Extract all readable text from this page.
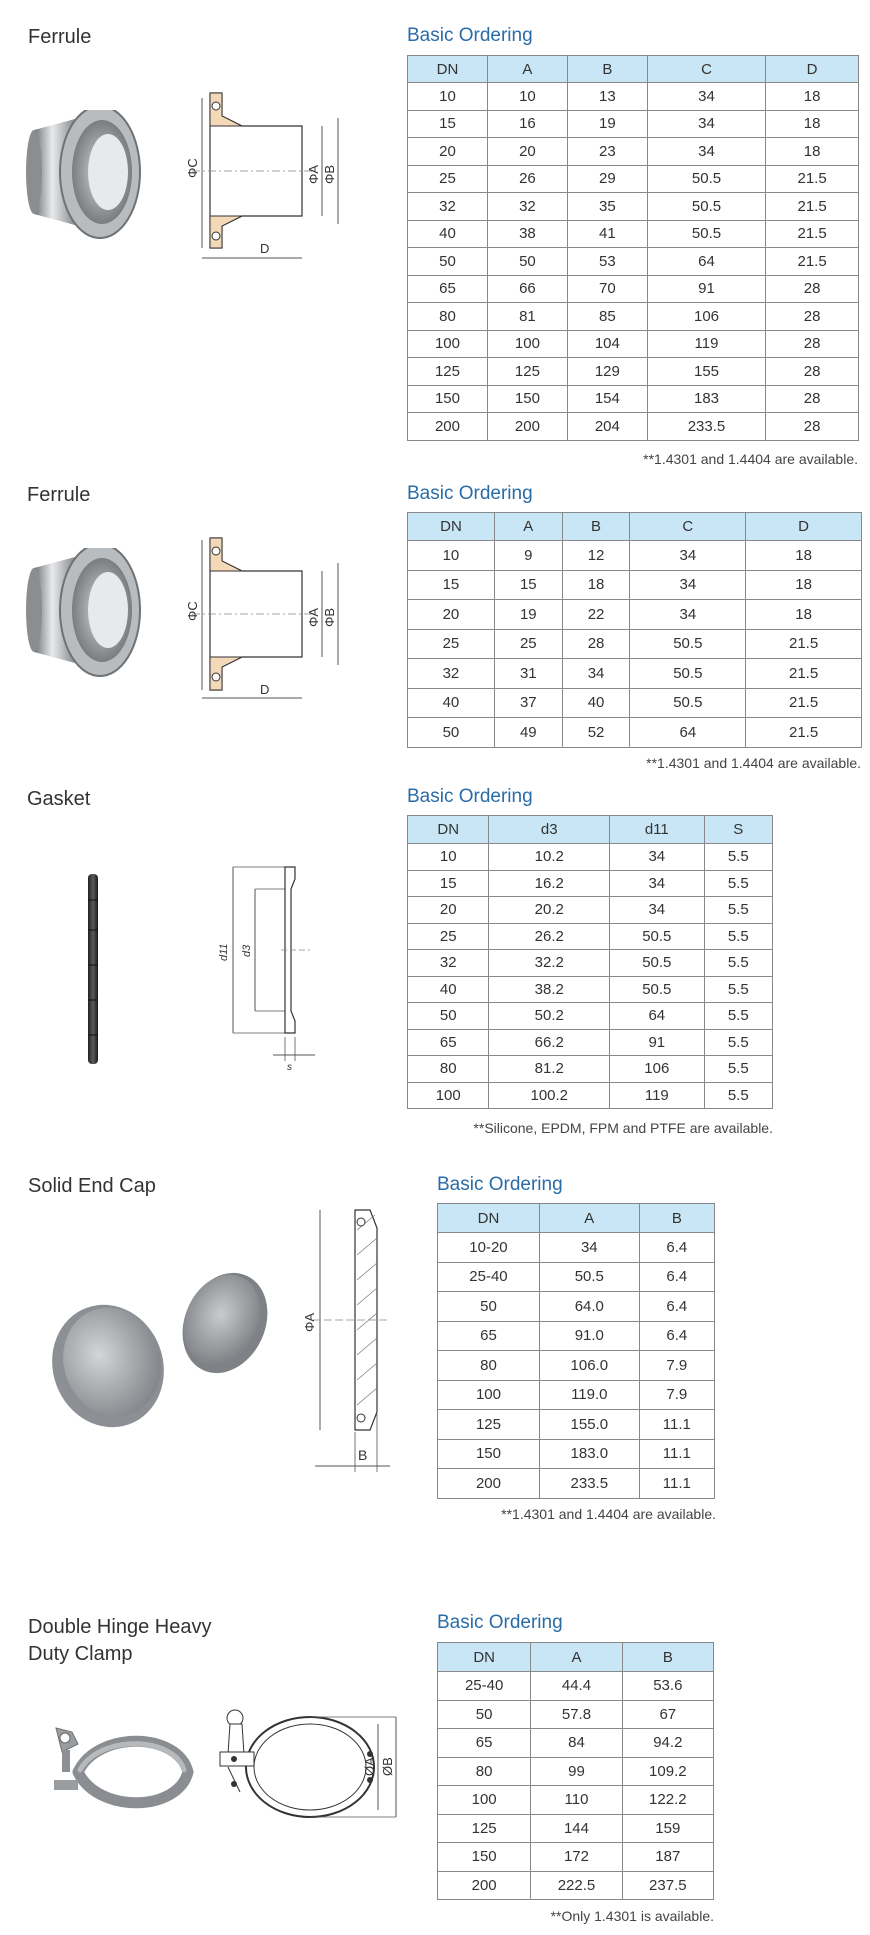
Ferrule
ΦC	ΦA ΦB
D
Basic Ordering
DN	A	B	C	D
10	10	13	34	18
15	16	19	34	18
20	20	23	34	18
25	26	29	50.5	21.5
32	32	35	50.5	21.5
40	38	41	50.5	21.5
50	50	53	64	21.5
65	66	70	91	28
80	81	85	106	28
100	100	104	119	28
125	125	129	155	28
150	150	154	183	28
200	200	204	233.5	28
**1.4301 and 1.4404 are available.
Ferrule
ΦC	ΦA ΦB
D
Basic Ordering
DN	A	B	C	D
10	9	12	34	18
15	15	18	34	18
20	19	22	34	18
25	25	28	50.5	21.5
32	31	34	50.5	21.5
40	37	40	50.5	21.5
50	49	52	64	21.5
**1.4301 and 1.4404 are available.
Gasket
d11 d3
s
Basic Ordering
DN	d3	d11	S
10	10.2	34	5.5
15	16.2	34	5.5
20	20.2	34	5.5
25	26.2	50.5	5.5
32	32.2	50.5	5.5
40	38.2	50.5	5.5
50	50.2	64	5.5
65	66.2	91	5.5
80	81.2	106	5.5
100	100.2	119	5.5
**Silicone, EPDM, FPM and PTFE are available.
Solid End Cap
ΦA
B
Basic Ordering
DN	A	B
10-20	34	6.4
25-40	50.5	6.4
50	64.0	6.4
65	91.0	6.4
80	106.0	7.9
100	119.0	7.9
125	155.0	11.1
150	183.0	11.1
200	233.5	11.1
**1.4301 and 1.4404 are available.
Double Hinge Heavy
Duty Clamp
ØA ØB
Basic Ordering
DN	A	B
25-40	44.4	53.6
50	57.8	67
65	84	94.2
80	99	109.2
100	110	122.2
125	144	159
150	172	187
200	222.5	237.5
**Only 1.4301 is available.
